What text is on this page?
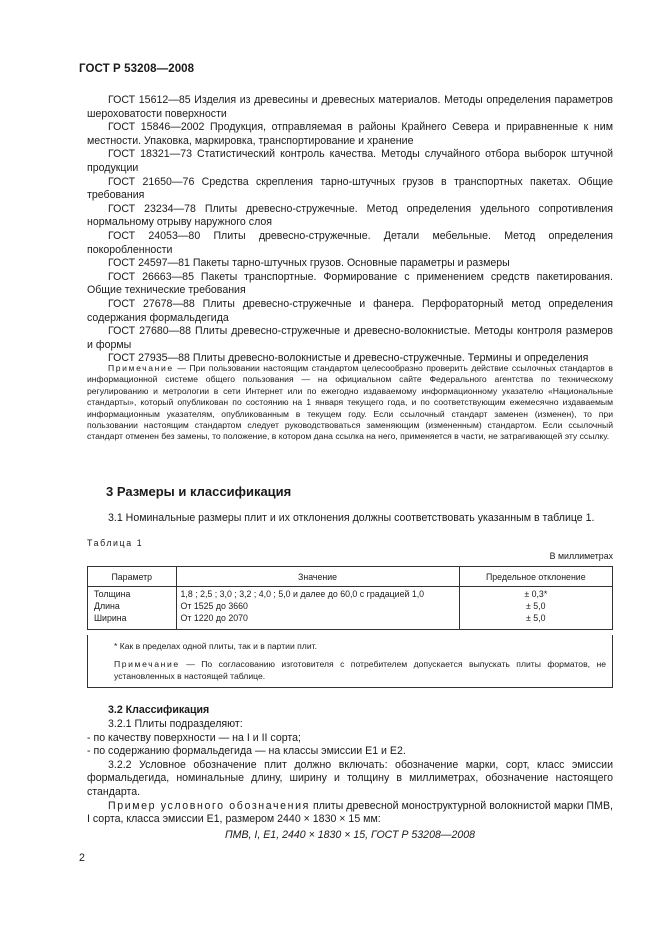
ГОСТ Р 53208—2008

ГОСТ 15612—85 Изделия из древесины и древесных материалов. Методы определения параметров шероховатости поверхности

ГОСТ 15846—2002 Продукция, отправляемая в районы Крайнего Севера и приравненные к ним местности. Упаковка, маркировка, транспортирование и хранение

ГОСТ 18321—73 Статистический контроль качества. Методы случайного отбора выборок штучной продукции

ГОСТ 21650—76 Средства скрепления тарно-штучных грузов в транспортных пакетах. Общие требования

ГОСТ 23234—78 Плиты древесно-стружечные. Метод определения удельного сопротивления нормальному отрыву наружного слоя

ГОСТ 24053—80 Плиты древесно-стружечные. Детали мебельные. Метод определения покоробленности

ГОСТ 24597—81 Пакеты тарно-штучных грузов. Основные параметры и размеры

ГОСТ 26663—85 Пакеты транспортные. Формирование с применением средств пакетирования. Общие технические требования

ГОСТ 27678—88 Плиты древесно-стружечные и фанера. Перфораторный метод определения содержания формальдегида

ГОСТ 27680—88 Плиты древесно-стружечные и древесно-волокнистые. Методы контроля размеров и формы

ГОСТ 27935—88 Плиты древесно-волокнистые и древесно-стружечные. Термины и определения

Примечание — При пользовании настоящим стандартом целесообразно проверить действие ссылочных стандартов в информационной системе общего пользования — на официальном сайте Федерального агентства по техническому регулированию и метрологии в сети Интернет или по ежегодно издаваемому информационному указателю «Национальные стандарты», который опубликован по состоянию на 1 января текущего года, и по соответствующим ежемесячно издаваемым информационным указателям, опубликованным в текущем году. Если ссылочный стандарт заменен (изменен), то при пользовании настоящим стандартом следует руководствоваться заменяющим (измененным) стандартом. Если ссылочный стандарт отменен без замены, то положение, в котором дана ссылка на него, применяется в части, не затрагивающей эту ссылку.

3 Размеры и классификация
3.1 Номинальные размеры плит и их отклонения должны соответствовать указанным в таблице 1.
Таблица 1
В миллиметрах
Параметр	Значение	Предельное отклонение
Толщина	1,8 ; 2,5 ; 3,0 ; 3,2 ; 4,0 ; 5,0 и далее до 60,0 с градацией 1,0	± 0,3*
Длина	От 1525 до 3660	± 5,0
Ширина	От 1220 до 2070	± 5,0

* Как в пределах одной плиты, так и в партии плит.

Примечание — По согласованию изготовителя с потребителем допускается выпускать плиты форматов, не установленных в настоящей таблице.

3.2 Классификация

3.2.1 Плиты подразделяют:

- по качеству поверхности — на I и II сорта;

- по содержанию формальдегида — на классы эмиссии Е1 и Е2.

3.2.2 Условное обозначение плит должно включать: обозначение марки, сорт, класс эмиссии формальдегида, номинальные длину, ширину и толщину в миллиметрах, обозначение настоящего стандарта.

Пример условного обозначения плиты древесной моноструктурной волокнистой марки ПМВ, I сорта, класса эмиссии Е1, размером 2440 × 1830 × 15 мм:

ПМВ, I, Е1, 2440 × 1830 × 15, ГОСТ Р 53208—2008

2
